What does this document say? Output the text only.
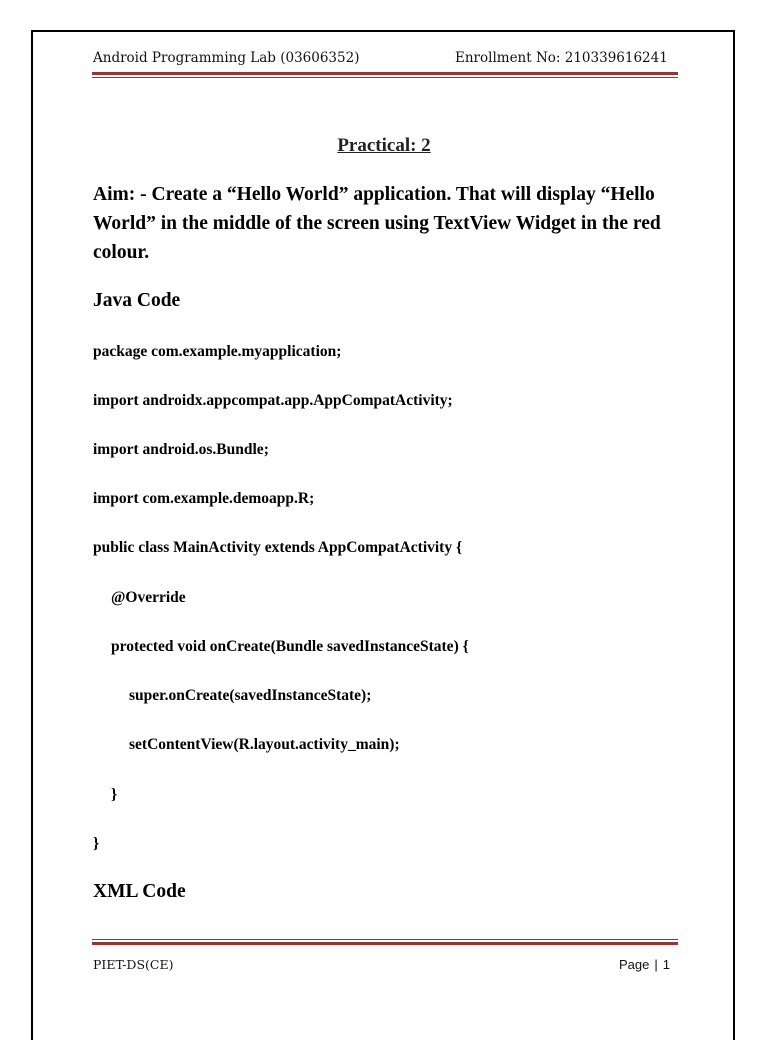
Android Programming Lab (03606352)	Enrollment No: 210339616241
Practical: 2
Aim: - Create a “Hello World” application. That will display “Hello World” in the middle of the screen using TextView Widget in the red colour.
Java Code
package com.example.myapplication;
import androidx.appcompat.app.AppCompatActivity;
import android.os.Bundle;
import com.example.demoapp.R;
public class MainActivity extends AppCompatActivity {
@Override
protected void onCreate(Bundle savedInstanceState) {
super.onCreate(savedInstanceState);
setContentView(R.layout.activity_main);
}
}
XML Code
PIET-DS(CE)	Page | 1
